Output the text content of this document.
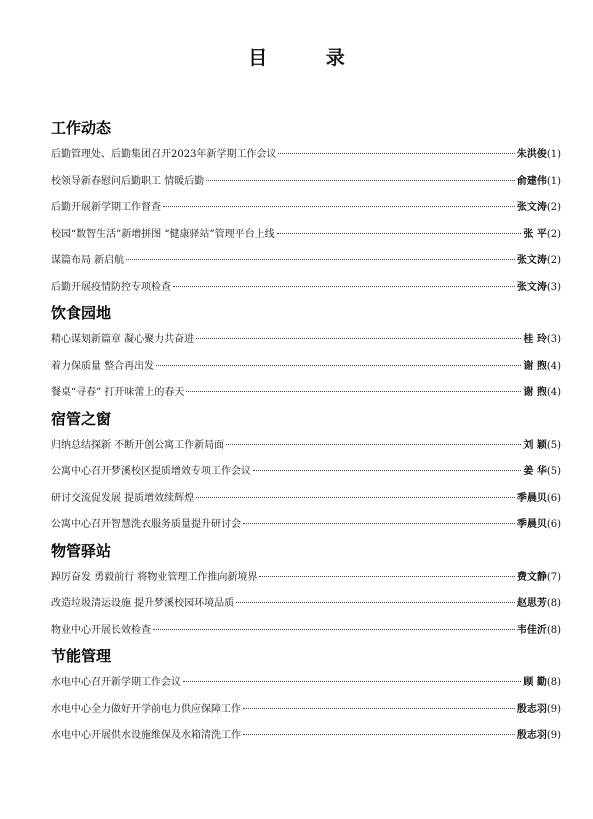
目 录
工作动态
后勤管理处、后勤集团召开2023年新学期工作会议	朱洪俊 (1)
校领导新春慰问后勤职工 情暖后勤	俞建伟 (1)
后勤开展新学期工作督查	张文涛 (2)
校园“数智生活”新增拼图 “健康驿站”管理平台上线	张 平 (2)
谋篇布局 新启航	张文涛 (2)
后勤开展疫情防控专项检查	张文涛 (3)
饮食园地
精心谋划新篇章 凝心聚力共奋进	桂 玲 (3)
着力保质量 整合再出发	谢 煦 (4)
餐桌“寻春” 打开味蕾上的春天	谢 煦 (4)
宿管之窗
归纳总结探新 不断开创公寓工作新局面	刘 颖 (5)
公寓中心召开梦溪校区提质增效专项工作会议	姜 华 (5)
研讨交流促发展 提质增效续辉煌	季晨贝 (6)
公寓中心召开智慧洗衣服务质量提升研讨会	季晨贝 (6)
物管驿站
踔厉奋发 勇毅前行 将物业管理工作推向新境界	费文静 (7)
改造垃圾清运设施 提升梦溪校园环境品质	赵思芳 (8)
物业中心开展长效检查	韦佳沂 (8)
节能管理
水电中心召开新学期工作会议	顾 勤 (8)
水电中心全力做好开学前电力供应保障工作	殷志羽 (9)
水电中心开展供水设施维保及水箱清洗工作	殷志羽 (9)
